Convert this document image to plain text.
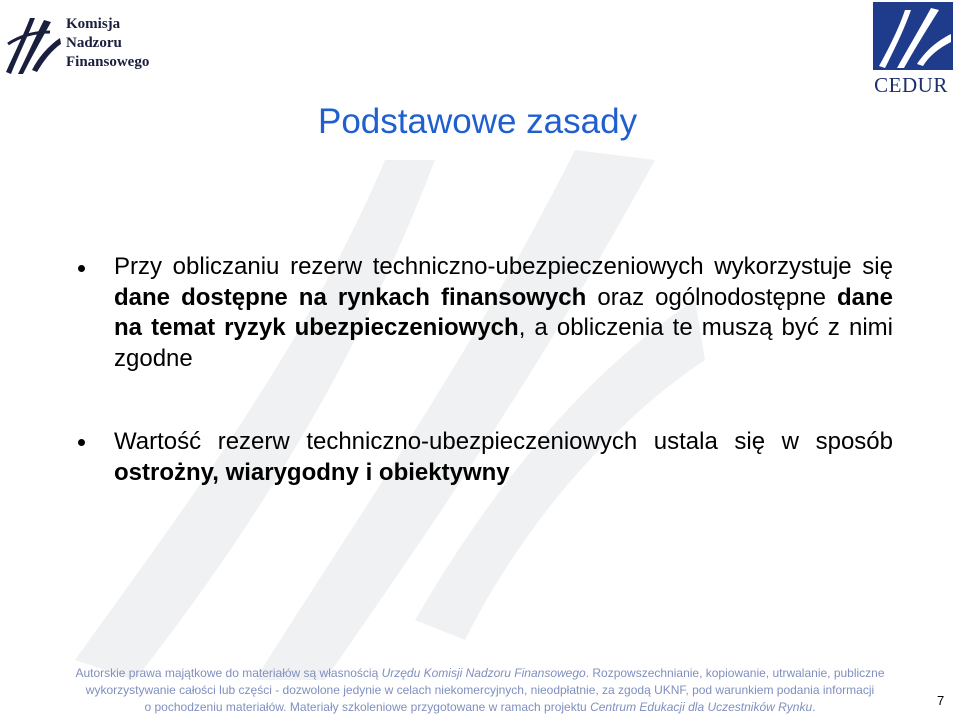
Komisja
Nadzoru
Finansowego
CEDUR
Podstawowe zasady
Przy obliczaniu rezerw techniczno-ubezpieczeniowych wykorzystuje się dane dostępne na rynkach finansowych oraz ogólnodostępne dane na temat ryzyk ubezpieczeniowych, a obliczenia te muszą być z nimi zgodne
Wartość rezerw techniczno-ubezpieczeniowych ustala się w sposób ostrożny, wiarygodny i obiektywny
Autorskie prawa majątkowe do materiałów są własnością Urzędu Komisji Nadzoru Finansowego. Rozpowszechnianie, kopiowanie, utrwalanie, publiczne
wykorzystywanie całości lub części - dozwolone jedynie w celach niekomercyjnych, nieodpłatnie, za zgodą UKNF, pod warunkiem podania informacji
o pochodzeniu materiałów. Materiały szkoleniowe przygotowane w ramach projektu Centrum Edukacji dla Uczestników Rynku.	7
